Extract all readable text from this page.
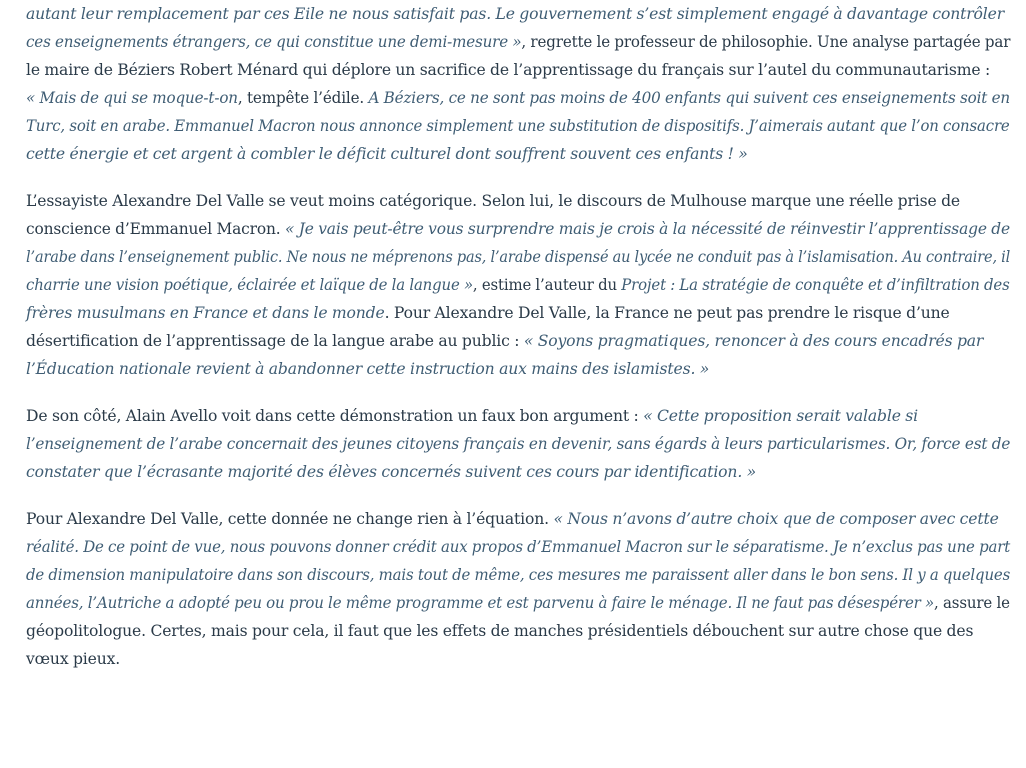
autant leur remplacement par ces Eile ne nous satisfait pas. Le gouvernement s’est simplement engagé à davantage contrôler
ces enseignements étrangers, ce qui constitue une demi-mesure », regrette le professeur de philosophie. Une analyse partagée par
le maire de Béziers Robert Ménard qui déplore un sacrifice de l’apprentissage du français sur l’autel du communautarisme :
« Mais de qui se moque-t-on, tempête l’édile. A Béziers, ce ne sont pas moins de 400 enfants qui suivent ces enseignements soit en
Turc, soit en arabe. Emmanuel Macron nous annonce simplement une substitution de dispositifs. J’aimerais autant que l’on consacre
cette énergie et cet argent à combler le déficit culturel dont souffrent souvent ces enfants ! »

L’essayiste Alexandre Del Valle se veut moins catégorique. Selon lui, le discours de Mulhouse marque une réelle prise de
conscience d’Emmanuel Macron. « Je vais peut-être vous surprendre mais je crois à la nécessité de réinvestir l’apprentissage de
l’arabe dans l’enseignement public. Ne nous ne méprenons pas, l’arabe dispensé au lycée ne conduit pas à l’islamisation. Au contraire, il
charrie une vision poétique, éclairée et laïque de la langue », estime l’auteur du Projet : La stratégie de conquête et d’infiltration des
frères musulmans en France et dans le monde. Pour Alexandre Del Valle, la France ne peut pas prendre le risque d’une
désertification de l’apprentissage de la langue arabe au public : « Soyons pragmatiques, renoncer à des cours encadrés par
l’Éducation nationale revient à abandonner cette instruction aux mains des islamistes. »

De son côté, Alain Avello voit dans cette démonstration un faux bon argument : « Cette proposition serait valable si
l’enseignement de l’arabe concernait des jeunes citoyens français en devenir, sans égards à leurs particularismes. Or, force est de
constater que l’écrasante majorité des élèves concernés suivent ces cours par identification. »

Pour Alexandre Del Valle, cette donnée ne change rien à l’équation. « Nous n’avons d’autre choix que de composer avec cette
réalité. De ce point de vue, nous pouvons donner crédit aux propos d’Emmanuel Macron sur le séparatisme. Je n’exclus pas une part
de dimension manipulatoire dans son discours, mais tout de même, ces mesures me paraissent aller dans le bon sens. Il y a quelques
années, l’Autriche a adopté peu ou prou le même programme et est parvenu à faire le ménage. Il ne faut pas désespérer », assure le
géopolitologue. Certes, mais pour cela, il faut que les effets de manches présidentiels débouchent sur autre chose que des
vœux pieux.
